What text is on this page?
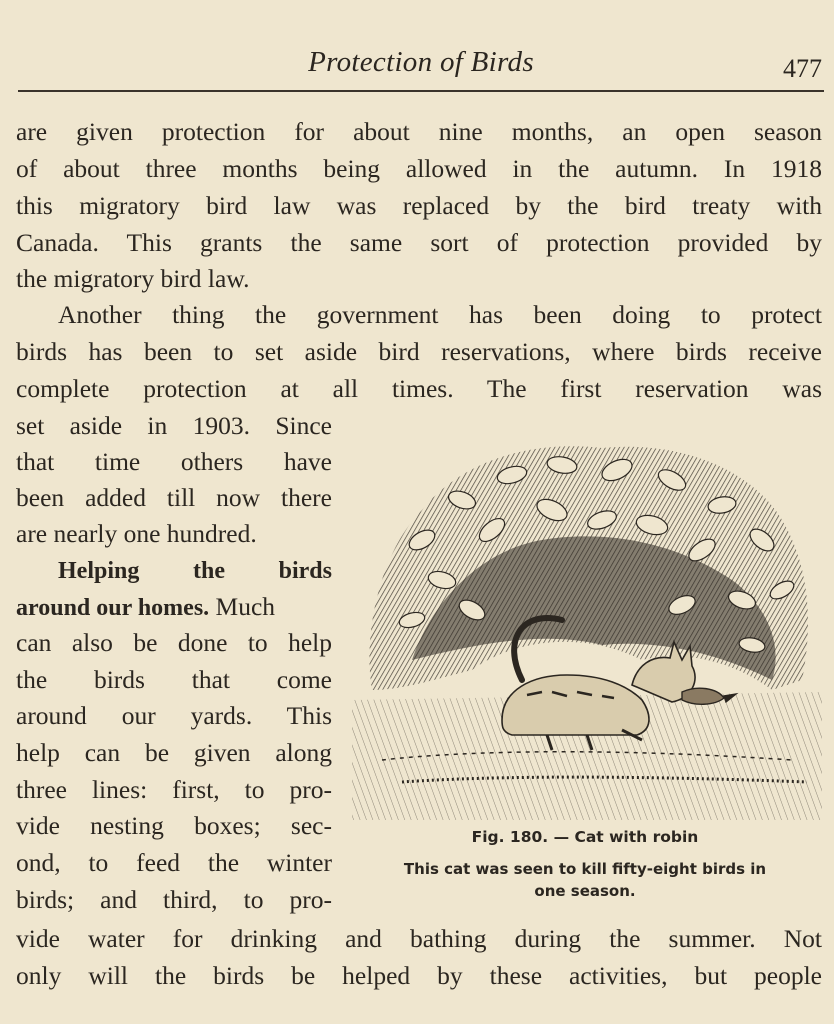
Protection of Birds	477
are given protection for about nine months, an open season
of about three months being allowed in the autumn. In 1918
this migratory bird law was replaced by the bird treaty with
Canada. This grants the same sort of protection provided by
the migratory bird law.
Another thing the government has been doing to protect
birds has been to set aside bird reservations, where birds receive
complete protection at all times. The first reservation was
set aside in 1903. Since
that time others have
been added till now there
are nearly one hundred.
Helping the birds
around our homes. Much
can also be done to help
the birds that come
around our yards. This
help can be given along
three lines: first, to pro-
vide nesting boxes; sec-
ond, to feed the winter
birds; and third, to pro-
vide water for drinking and bathing during the summer. Not
only will the birds be helped by these activities, but people
Fig. 180. — Cat with robin
This cat was seen to kill fifty-eight birds in
one season.
